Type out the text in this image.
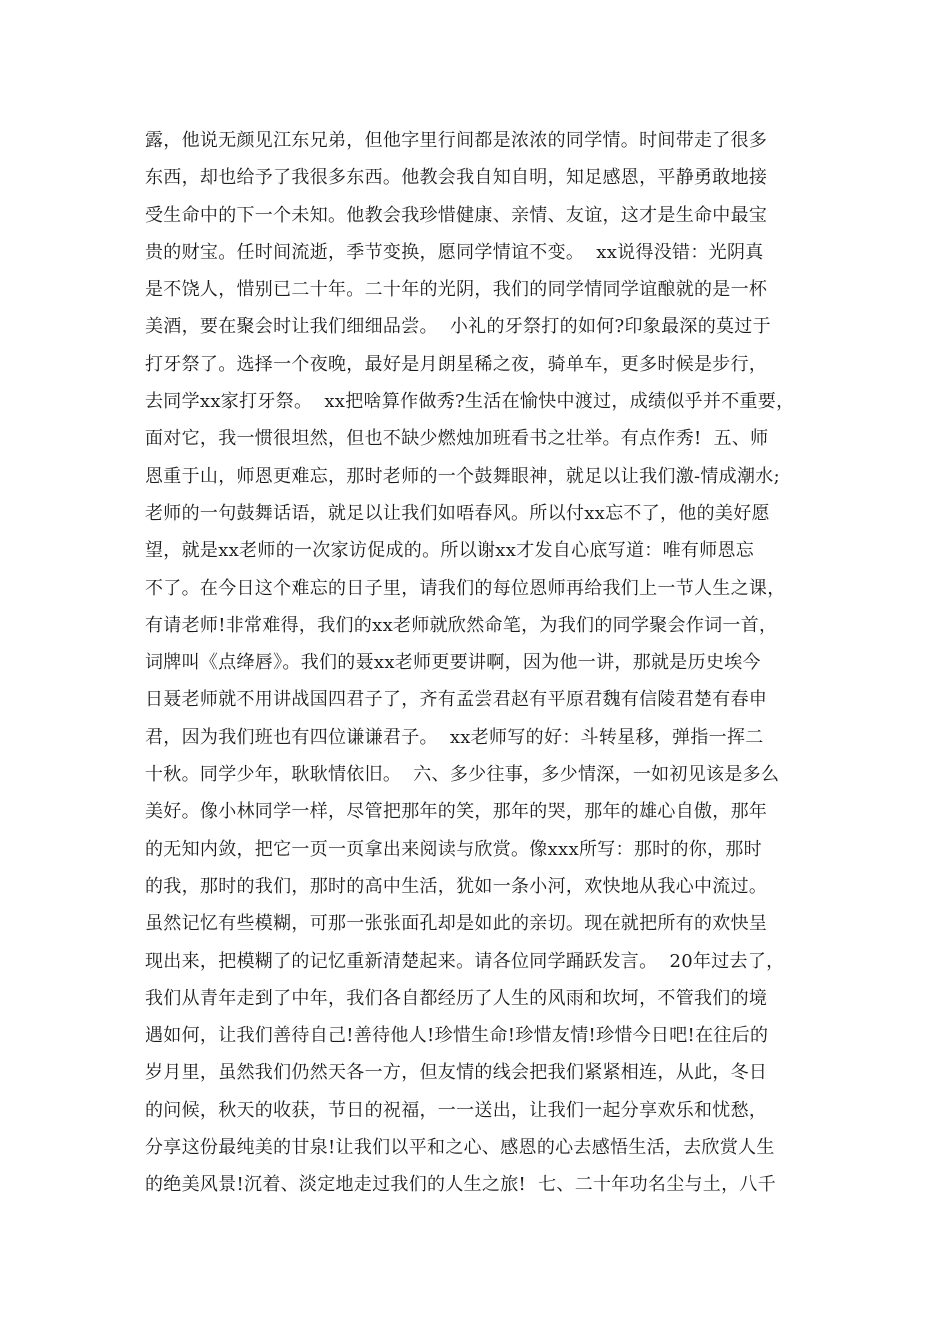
露，他说无颜见江东兄弟，但他字里行间都是浓浓的同学情。时间带走了很多
东西，却也给予了我很多东西。他教会我自知自明，知足感恩，平静勇敢地接
受生命中的下一个未知。他教会我珍惜健康、亲情、友谊，这才是生命中最宝
贵的财宝。任时间流逝，季节变换，愿同学情谊不变。  xx说得没错：光阴真
是不饶人，惜别已二十年。二十年的光阴，我们的同学情同学谊酿就的是一杯
美酒，要在聚会时让我们细细品尝。  小礼的牙祭打的如何?印象最深的莫过于
打牙祭了。选择一个夜晚，最好是月朗星稀之夜，骑单车，更多时候是步行，
去同学xx家打牙祭。  xx把啥算作做秀?生活在愉快中渡过，成绩似乎并不重要，
面对它，我一惯很坦然，但也不缺少燃烛加班看书之壮举。有点作秀!  五、师
恩重于山，师恩更难忘，那时老师的一个鼓舞眼神，就足以让我们激-情成潮水;
老师的一句鼓舞话语，就足以让我们如唔春风。所以付xx忘不了，他的美好愿
望，就是xx老师的一次家访促成的。所以谢xx才发自心底写道：唯有师恩忘
不了。在今日这个难忘的日子里，请我们的每位恩师再给我们上一节人生之课，
有请老师!非常难得，我们的xx老师就欣然命笔，为我们的同学聚会作词一首，
词牌叫《点绛唇》。我们的聂xx老师更要讲啊，因为他一讲，那就是历史埃今
日聂老师就不用讲战国四君子了，齐有孟尝君赵有平原君魏有信陵君楚有春申
君，因为我们班也有四位谦谦君子。  xx老师写的好：斗转星移，弹指一挥二
十秋。同学少年，耿耿情依旧。  六、多少往事，多少情深，一如初见该是多么
美好。像小林同学一样，尽管把那年的笑，那年的哭，那年的雄心自傲，那年
的无知内敛，把它一页一页拿出来阅读与欣赏。像xxx所写：那时的你，那时
的我，那时的我们，那时的高中生活，犹如一条小河，欢快地从我心中流过。
虽然记忆有些模糊，可那一张张面孔却是如此的亲切。现在就把所有的欢快呈
现出来，把模糊了的记忆重新清楚起来。请各位同学踊跃发言。  20年过去了，
我们从青年走到了中年，我们各自都经历了人生的风雨和坎坷，不管我们的境
遇如何，让我们善待自己!善待他人!珍惜生命!珍惜友情!珍惜今日吧!在往后的
岁月里，虽然我们仍然天各一方，但友情的线会把我们紧紧相连，从此，冬日
的问候，秋天的收获，节日的祝福，一一送出，让我们一起分享欢乐和忧愁，
分享这份最纯美的甘泉!让我们以平和之心、感恩的心去感悟生活，去欣赏人生
的绝美风景!沉着、淡定地走过我们的人生之旅!  七、二十年功名尘与土，八千
